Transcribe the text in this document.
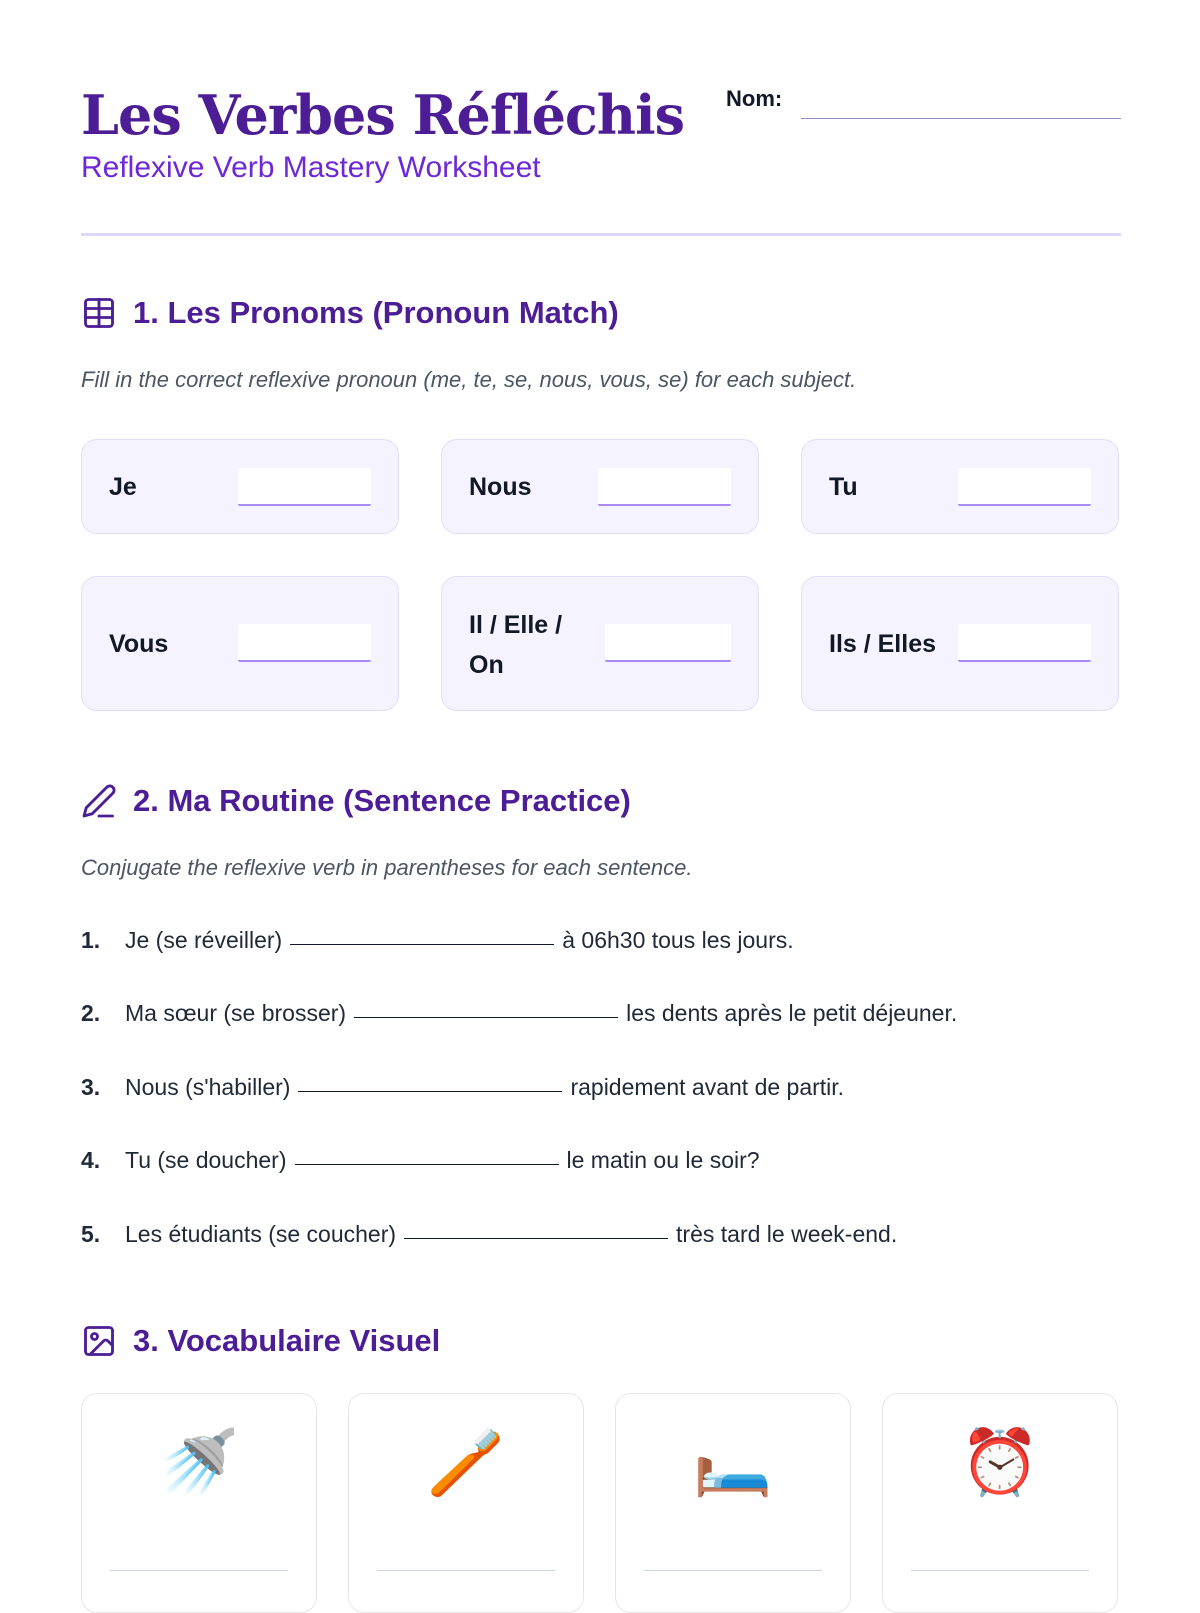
Les Verbes Réfléchis
Reflexive Verb Mastery Worksheet
Nom:
1. Les Pronoms (Pronoun Match)
Fill in the correct reflexive pronoun (me, te, se, nous, vous, se) for each subject.
Je	Nous	Tu
Vous
Il / Elle /
On
Ils / Elles
2. Ma Routine (Sentence Practice)
Conjugate the reflexive verb in parentheses for each sentence.
1.	Je (se réveiller)	à 06h30 tous les jours.
2.	Ma sœur (se brosser)	les dents après le petit déjeuner.
3.	Nous (s'habiller)	rapidement avant de partir.
4.	Tu (se doucher)	le matin ou le soir?
5.	Les étudiants (se coucher)	très tard le week-end.
3. Vocabulaire Visuel
🚿	🪥	🛏️	⏰
